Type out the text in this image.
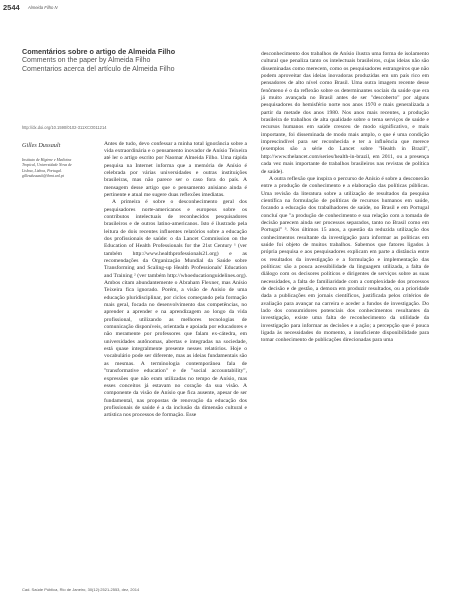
2544 Almeida Filho N
Comentários sobre o artigo de Almeida Filho
Comments on the paper by Almeida Filho
Comentarios acerca del artículo de Almeida Filho
http://dx.doi.org/10.1590/0102-311XCO011214
Gilles Dussault
Instituto de Higiene e Medicina
Tropical, Universidade Nova de
Lisboa, Lisboa, Portugal.
gillesdussault@ihmt.unl.pt

Antes de tudo, devo confessar a minha total ignorância sobre a vida extraordinária e o pensamento inovador de Anísio Teixeira até ler o artigo escrito por Naomar Almeida Filho. Uma rápida pesquisa na Internet informa que a memória de Anísio é celebrada por várias universidades e outras instituições brasileiras, mas não parece ser o caso fora do país. A mensagem desse artigo que o pensamento anisiano ainda é pertinente e atual me sugere duas reflexões imediatas.

A primeira é sobre o desconhecimento geral dos pesquisadores norte-americanos e europeus sobre os contributos intelectuais de reconhecidos pesquisadores brasileiros e de outros latino-americanos. Isto é ilustrado pela leitura de dois recentes influentes relatórios sobre a educação dos profissionais de saúde: o da Lancet Commission on the Education of Health Professionals for the 21st Century ¹ (ver também http://www.healthprofessionals21.org) e as recomendações da Organização Mundial da Saúde sobre Transforming and Scaling-up Health Professionals' Education and Training ² (ver também http://whoeducationguidelines.org). Ambos citam abundantemente o Abraham Flexner, mas Anísio Teixeira fica ignorado. Porém, a visão de Anísio de uma educação pluridisciplinar, por ciclos começando pela formação mais geral, focada no desenvolvimento das competências, no aprender a aprender e na aprendizagem ao longo da vida profissional, utilizando as melhores tecnologias de comunicação disponíveis, orientada e apoiada por educadores e não meramente por professores que falam ex-cátedra, em universidades autônomas, abertas e integradas na sociedade, está quase integralmente presente nesses relatórios. Hoje o vocabulário pode ser diferente, mas as ideias fundamentais são as mesmas. A terminologia contemporânea fala de "transformative education" e de "social accountability", expressões que não eram utilizadas no tempo de Anísio, mas esses conceitos já estavam no coração da sua visão. A componente da visão de Anísio que fica ausente, apesar de ser fundamental, nas propostas de renovação da educação dos profissionais de saúde é a da inclusão da dimensão cultural e artística nos processos de formação. Esse

desconhecimento dos trabalhos de Anísio ilustra uma forma de isolamento cultural que penaliza tanto os intelectuais brasileiros, cujas ideias não são disseminadas como merecem, como os pesquisadores estrangeiros que não podem aproveitar das ideias inovadoras produzidas em um país rico em pensadores de alto nível como Brasil. Uma outra imagem recente desse fenômeno é o da reflexão sobre os determinantes sociais da saúde que era já muito avançada no Brasil antes de ser "descoberto" por alguns pesquisadores do hemisfério norte nos anos 1970 e mais generalizada a partir da metade dos anos 1980. Nos anos mais recentes, a produção brasileira de trabalhos de alta qualidade sobre o tema serviços de saúde e recursos humanos em saúde cresceu de modo significativo, e mais importante, foi disseminada de modo mais amplo, o que é uma condição imprescindível para ser reconhecida e ter a influência que merece (exemplos são a série do Lancet sobre "Health in Brazil", http://www.thelancet.com/series/health-in-brazil, em 2011, ou a presença cada vez mais importante de trabalhos brasileiros nas revistas de política de saúde).

A outra reflexão que inspira o percurso de Anísio é sobre a desconexão entre a produção de conhecimento e a elaboração das políticas públicas. Uma revisão da literatura sobre a utilização de resultados da pesquisa científica na formulação de políticas de recursos humanos em saúde, focando a educação dos trabalhadores de saúde, no Brasil e em Portugal concluí que "a produção de conhecimento e sua relação com a tomada de decisão parecem ainda ser processos separados, tanto no Brasil como em Portugal" ³. Nos últimos 15 anos, a questão da reduzida utilização dos conhecimentos resultante da investigação para informar as políticas em saúde foi objeto de muitos trabalhos. Sabemos que fatores ligados à própria pesquisa e aos pesquisadores explicam em parte a distância entre os resultados da investigação e a formulação e implementação das políticas: são a pouca acessibilidade da linguagem utilizada, a falta de diálogo com os decisores políticos e dirigentes de serviços sobre as suas necessidades, a falta de familiaridade com a complexidade dos processos de decisão e de gestão, a demora em produzir resultados, ou a prioridade dada a publicações em jornais científicos, justificada pelos critérios de avaliação para avançar na carreira e aceder a fundos de investigação. Do lado dos consumidores potenciais dos conhecimentos resultantes da investigação, existe uma falta de reconhecimento da utilidade da investigação para informar as decisões e a ação; a percepção que é pouca ligada às necessidades do momento, a insuficiente disponibilidade para tomar conhecimento de publicações direcionadas para uma

Cad. Saúde Pública, Rio de Janeiro, 30(12):2521-2553, dez, 2014
